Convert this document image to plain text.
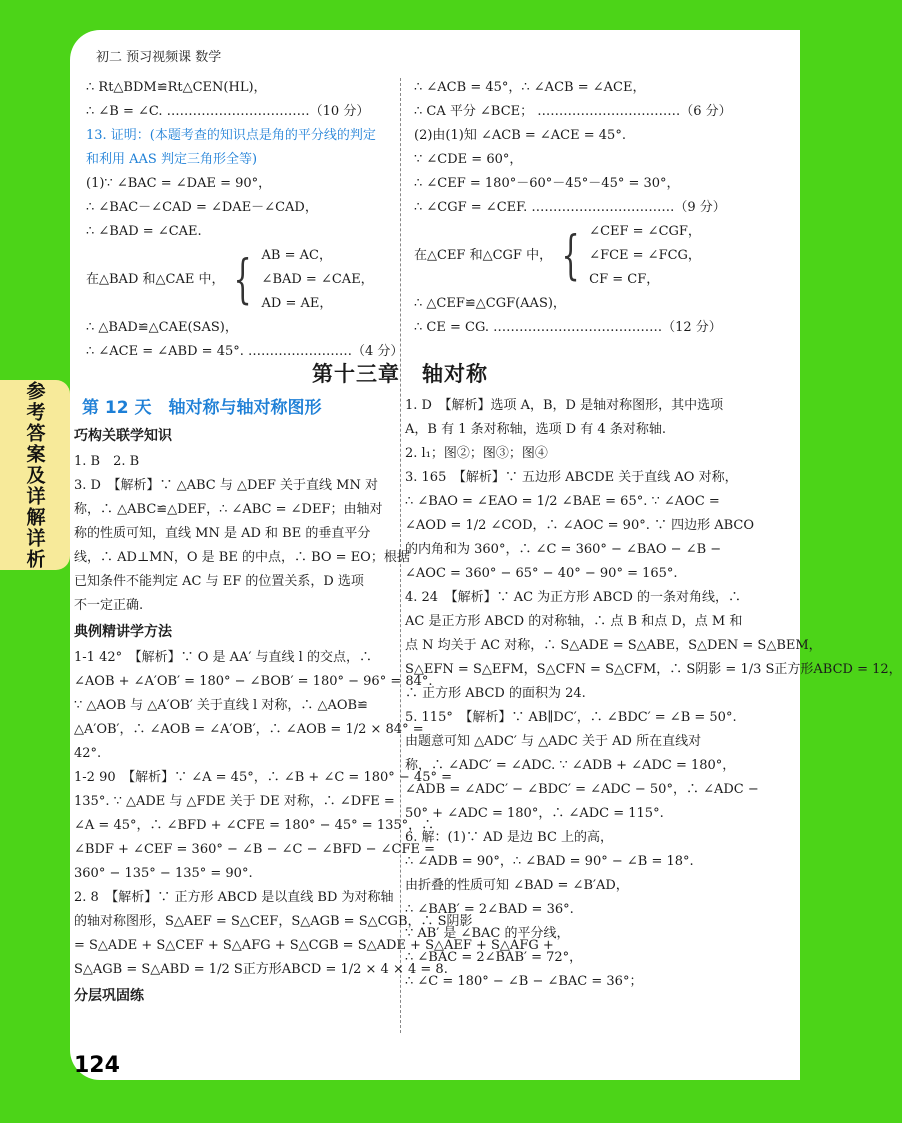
初二 预习视频课 数学
参考答案及详解详析
∴ Rt△BDM≌Rt△CEN(HL)，
∴ ∠B = ∠C. ……………………………（10 分）
13. 证明：(本题考查的知识点是角的平分线的判定
和利用 AAS 判定三角形全等)
(1)∵ ∠BAC = ∠DAE = 90°，
∴ ∠BAC－∠CAD = ∠DAE－∠CAD，
∴ ∠BAD = ∠CAE.
在△BAD 和△CAE 中， { AB = AC，
∠BAD = ∠CAE，
AD = AE，
∴ △BAD≌△CAE(SAS)，
∴ ∠ACE = ∠ABD = 45°. ……………………（4 分）
∴ ∠ACB = 45°，∴ ∠ACB = ∠ACE，
∴ CA 平分 ∠BCE； ……………………………（6 分）
(2)由(1)知 ∠ACB = ∠ACE = 45°.
∵ ∠CDE = 60°，
∴ ∠CEF = 180°－60°－45°－45° = 30°，
∴ ∠CGF = ∠CEF. ……………………………（9 分）
在△CEF 和△CGF 中， { ∠CEF = ∠CGF，
∠FCE = ∠FCG，
CF = CF，
∴ △CEF≌△CGF(AAS)，
∴ CE = CG. …………………………………（12 分）
第十三章　轴对称
第 12 天　轴对称与轴对称图形
巧构关联学知识
1. B　2. B
3. D　【解析】∵ △ABC 与 △DEF 关于直线 MN 对
称，∴ △ABC≌△DEF，∴ ∠ABC = ∠DEF；由轴对
称的性质可知，直线 MN 是 AD 和 BE 的垂直平分
线，∴ AD⊥MN，O 是 BE 的中点，∴ BO = EO；根据
已知条件不能判定 AC 与 EF 的位置关系，D 选项
不一定正确.
典例精讲学方法
1-1 42°　【解析】∵ O 是 AA′ 与直线 l 的交点，∴
∠AOB + ∠A′OB′ = 180° − ∠BOB′ = 180° − 96° = 84°.
∵ △AOB 与 △A′OB′ 关于直线 l 对称，∴ △AOB≌
△A′OB′，∴ ∠AOB = ∠A′OB′，∴ ∠AOB = 1/2 × 84° =
42°.
1-2 90　【解析】∵ ∠A = 45°，∴ ∠B + ∠C = 180° − 45° =
135°. ∵ △ADE 与 △FDE 关于 DE 对称，∴ ∠DFE =
∠A = 45°，∴ ∠BFD + ∠CFE = 180° − 45° = 135°，∴
∠BDF + ∠CEF = 360° − ∠B − ∠C − ∠BFD − ∠CFE =
360° − 135° − 135° = 90°.
2. 8　【解析】∵ 正方形 ABCD 是以直线 BD 为对称轴
的轴对称图形，S△AEF = S△CEF，S△AGB = S△CGB，∴ S阴影
= S△ADE + S△CEF + S△AFG + S△CGB = S△ADE + S△AEF + S△AFG +
S△AGB = S△ABD = 1/2 S正方形ABCD = 1/2 × 4 × 4 = 8.
分层巩固练
1. D　【解析】选项 A，B，D 是轴对称图形，其中选项
A，B 有 1 条对称轴，选项 D 有 4 条对称轴.
2. l₁；图②；图③；图④
3. 165　【解析】∵ 五边形 ABCDE 关于直线 AO 对称，
∴ ∠BAO = ∠EAO = 1/2 ∠BAE = 65°. ∵ ∠AOC =
∠AOD = 1/2 ∠COD，∴ ∠AOC = 90°. ∵ 四边形 ABCO
的内角和为 360°，∴ ∠C = 360° − ∠BAO − ∠B −
∠AOC = 360° − 65° − 40° − 90° = 165°.
4. 24　【解析】∵ AC 为正方形 ABCD 的一条对角线，∴
AC 是正方形 ABCD 的对称轴，∴ 点 B 和点 D，点 M 和
点 N 均关于 AC 对称，∴ S△ADE = S△ABE，S△DEN = S△BEM，
S△EFN = S△EFM，S△CFN = S△CFM，∴ S阴影 = 1/3 S正方形ABCD = 12，
∴ 正方形 ABCD 的面积为 24.
5. 115°　【解析】∵ AB∥DC′，∴ ∠BDC′ = ∠B = 50°.
由题意可知 △ADC′ 与 △ADC 关于 AD 所在直线对
称，∴ ∠ADC′ = ∠ADC. ∵ ∠ADB + ∠ADC = 180°，
∠ADB = ∠ADC′ − ∠BDC′ = ∠ADC − 50°，∴ ∠ADC −
50° + ∠ADC = 180°，∴ ∠ADC = 115°.
6. 解：(1)∵ AD 是边 BC 上的高，
∴ ∠ADB = 90°，∴ ∠BAD = 90° − ∠B = 18°.
由折叠的性质可知 ∠BAD = ∠B′AD，
∴ ∠BAB′ = 2∠BAD = 36°.
∵ AB′ 是 ∠BAC 的平分线，
∴ ∠BAC = 2∠BAB′ = 72°，
∴ ∠C = 180° − ∠B − ∠BAC = 36°；
124
